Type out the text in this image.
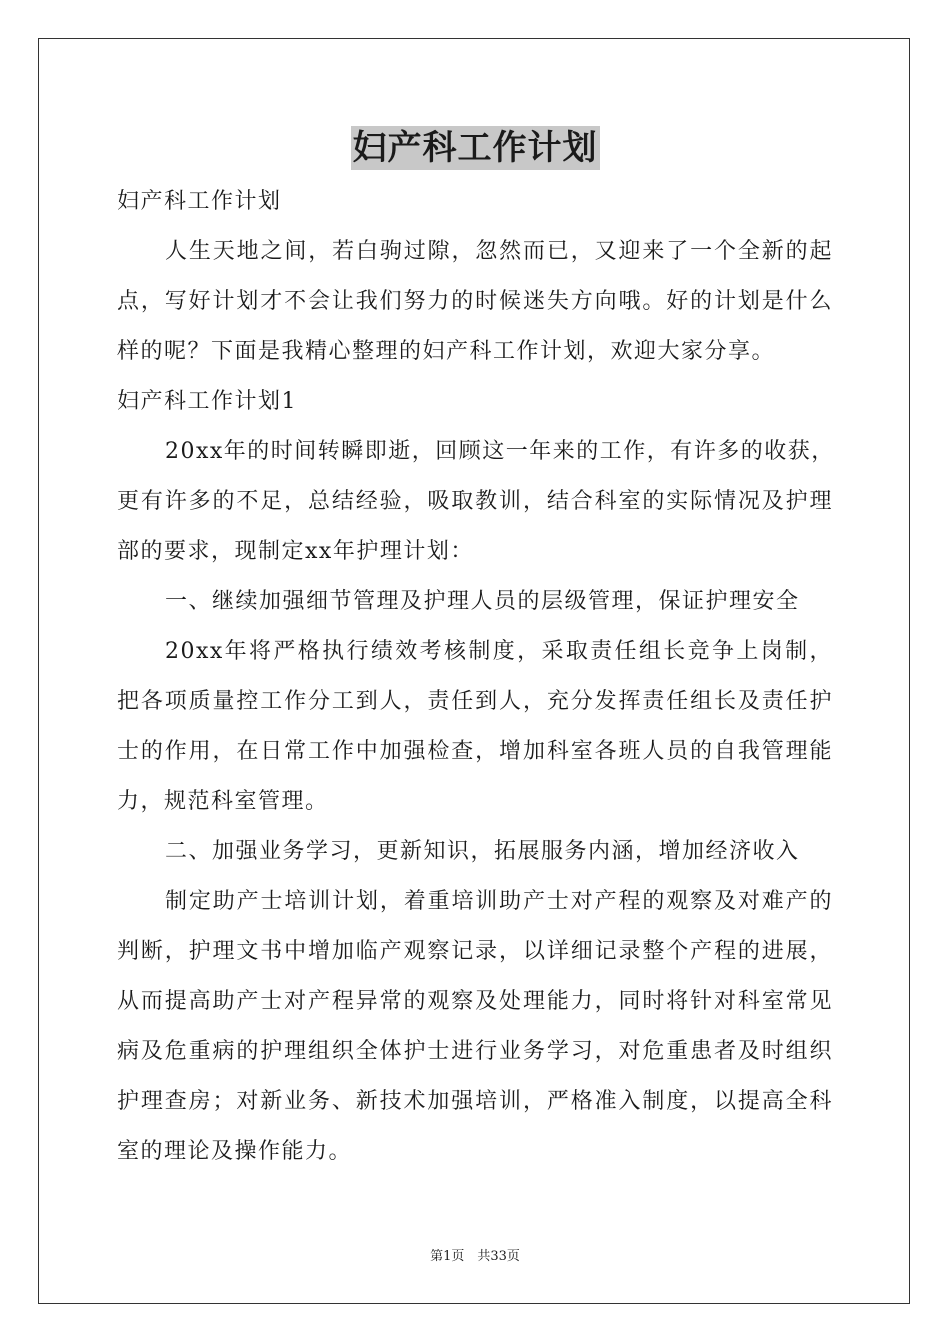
妇产科工作计划
妇产科工作计划
人生天地之间，若白驹过隙，忽然而已，又迎来了一个全新的起
点，写好计划才不会让我们努力的时候迷失方向哦。好的计划是什么
样的呢？下面是我精心整理的妇产科工作计划，欢迎大家分享。
妇产科工作计划1
20xx年的时间转瞬即逝，回顾这一年来的工作，有许多的收获，
更有许多的不足，总结经验，吸取教训，结合科室的实际情况及护理
部的要求，现制定xx年护理计划：
一、继续加强细节管理及护理人员的层级管理，保证护理安全
20xx年将严格执行绩效考核制度，采取责任组长竞争上岗制，
把各项质量控工作分工到人，责任到人，充分发挥责任组长及责任护
士的作用，在日常工作中加强检查，增加科室各班人员的自我管理能
力，规范科室管理。
二、加强业务学习，更新知识，拓展服务内涵，增加经济收入
制定助产士培训计划，着重培训助产士对产程的观察及对难产的
判断，护理文书中增加临产观察记录，以详细记录整个产程的进展，
从而提高助产士对产程异常的观察及处理能力，同时将针对科室常见
病及危重病的护理组织全体护士进行业务学习，对危重患者及时组织
护理查房；对新业务、新技术加强培训，严格准入制度，以提高全科
室的理论及操作能力。
第1页　共33页
